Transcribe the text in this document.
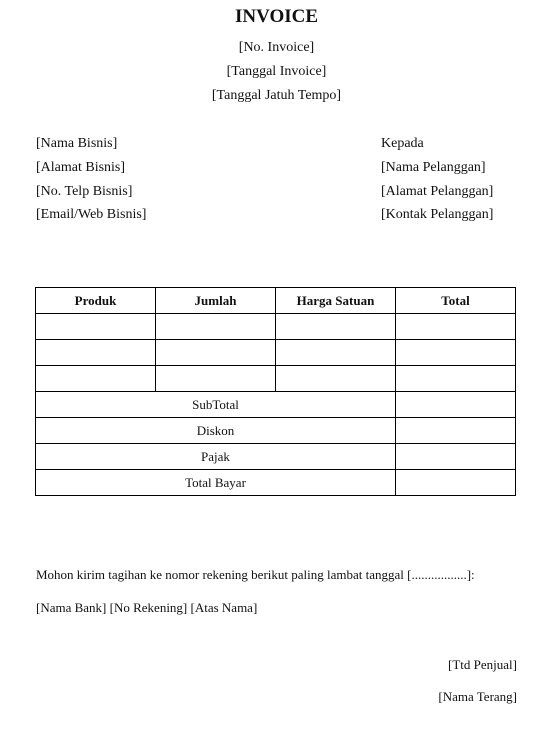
INVOICE
[No. Invoice]
[Tanggal Invoice]
[Tanggal Jatuh Tempo]
[Nama Bisnis]
[Alamat Bisnis]
[No. Telp Bisnis]
[Email/Web Bisnis]
Kepada
[Nama Pelanggan]
[Alamat Pelanggan]
[Kontak Pelanggan]
Produk	Jumlah	Harga Satuan	Total

SubTotal			
Diskon			
Pajak			
Total Bayar			
Mohon kirim tagihan ke nomor rekening berikut paling lambat tanggal [.................]:
[Nama Bank] [No Rekening] [Atas Nama]
[Ttd Penjual]
[Nama Terang]
